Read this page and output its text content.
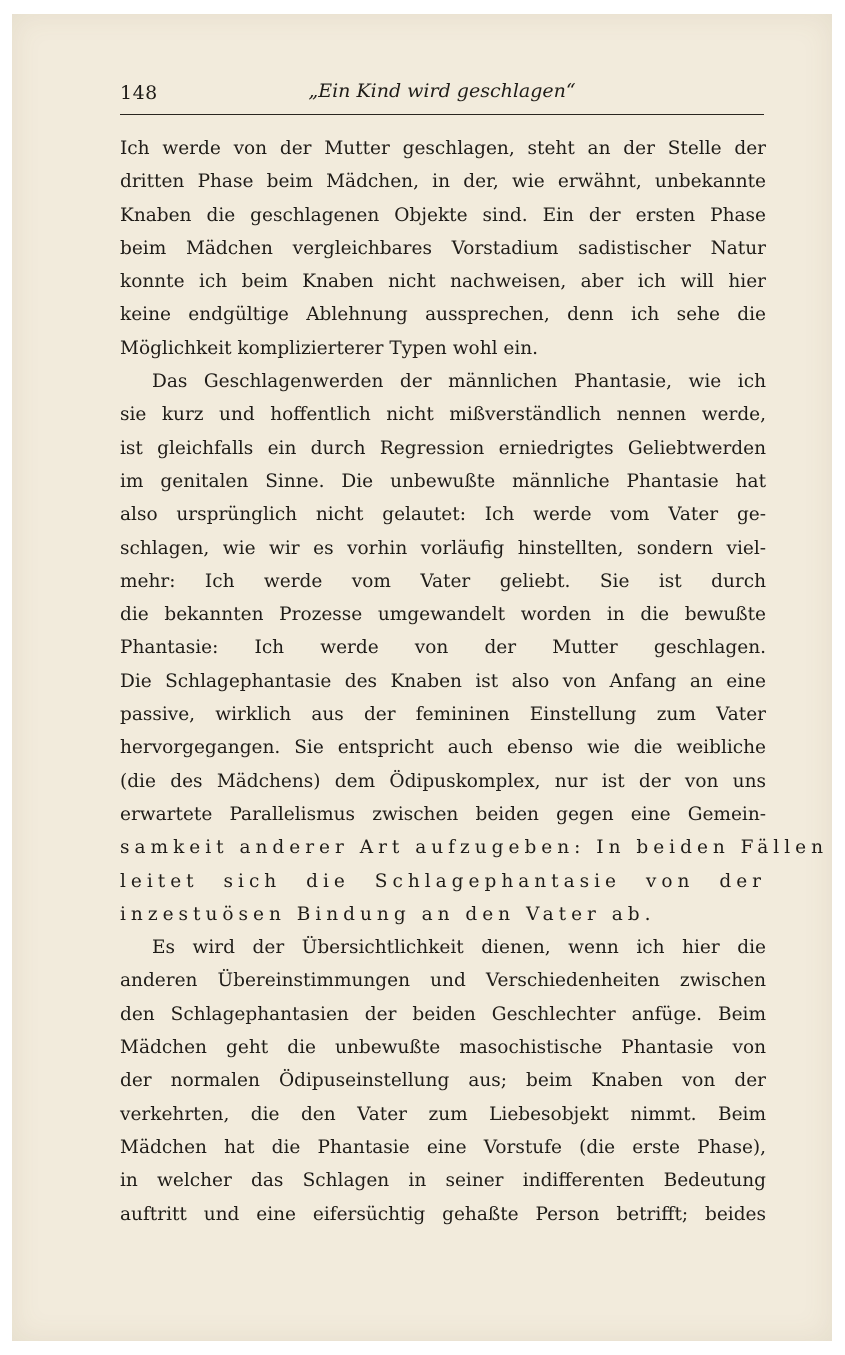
148	„Ein Kind wird geschlagen“
Ich werde von der Mutter geschlagen, steht an der Stelle der
dritten Phase beim Mädchen, in der, wie erwähnt, unbekannte
Knaben die geschlagenen Objekte sind. Ein der ersten Phase
beim Mädchen vergleichbares Vorstadium sadistischer Natur
konnte ich beim Knaben nicht nachweisen, aber ich will hier
keine endgültige Ablehnung aussprechen, denn ich sehe die
Möglichkeit komplizierterer Typen wohl ein.
Das Geschlagenwerden der männlichen Phantasie, wie ich
sie kurz und hoffentlich nicht mißverständlich nennen werde,
ist gleichfalls ein durch Regression erniedrigtes Geliebtwerden
im genitalen Sinne. Die unbewußte männliche Phantasie hat
also ursprünglich nicht gelautet: Ich werde vom Vater ge-
schlagen, wie wir es vorhin vorläufig hinstellten, sondern viel-
mehr: Ich werde vom Vater geliebt. Sie ist durch
die bekannten Prozesse umgewandelt worden in die bewußte
Phantasie: Ich werde von der Mutter geschlagen.
Die Schlagephantasie des Knaben ist also von Anfang an eine
passive, wirklich aus der femininen Einstellung zum Vater
hervorgegangen. Sie entspricht auch ebenso wie die weibliche
(die des Mädchens) dem Ödipuskomplex, nur ist der von uns
erwartete Parallelismus zwischen beiden gegen eine Gemein-
samkeit anderer Art aufzugeben: In beiden Fällen
leitet sich die Schlagephantasie von der
inzestuösen Bindung an den Vater ab.
Es wird der Übersichtlichkeit dienen, wenn ich hier die
anderen Übereinstimmungen und Verschiedenheiten zwischen
den Schlagephantasien der beiden Geschlechter anfüge. Beim
Mädchen geht die unbewußte masochistische Phantasie von
der normalen Ödipuseinstellung aus; beim Knaben von der
verkehrten, die den Vater zum Liebesobjekt nimmt. Beim
Mädchen hat die Phantasie eine Vorstufe (die erste Phase),
in welcher das Schlagen in seiner indifferenten Bedeutung
auftritt und eine eifersüchtig gehaßte Person betrifft; beides
